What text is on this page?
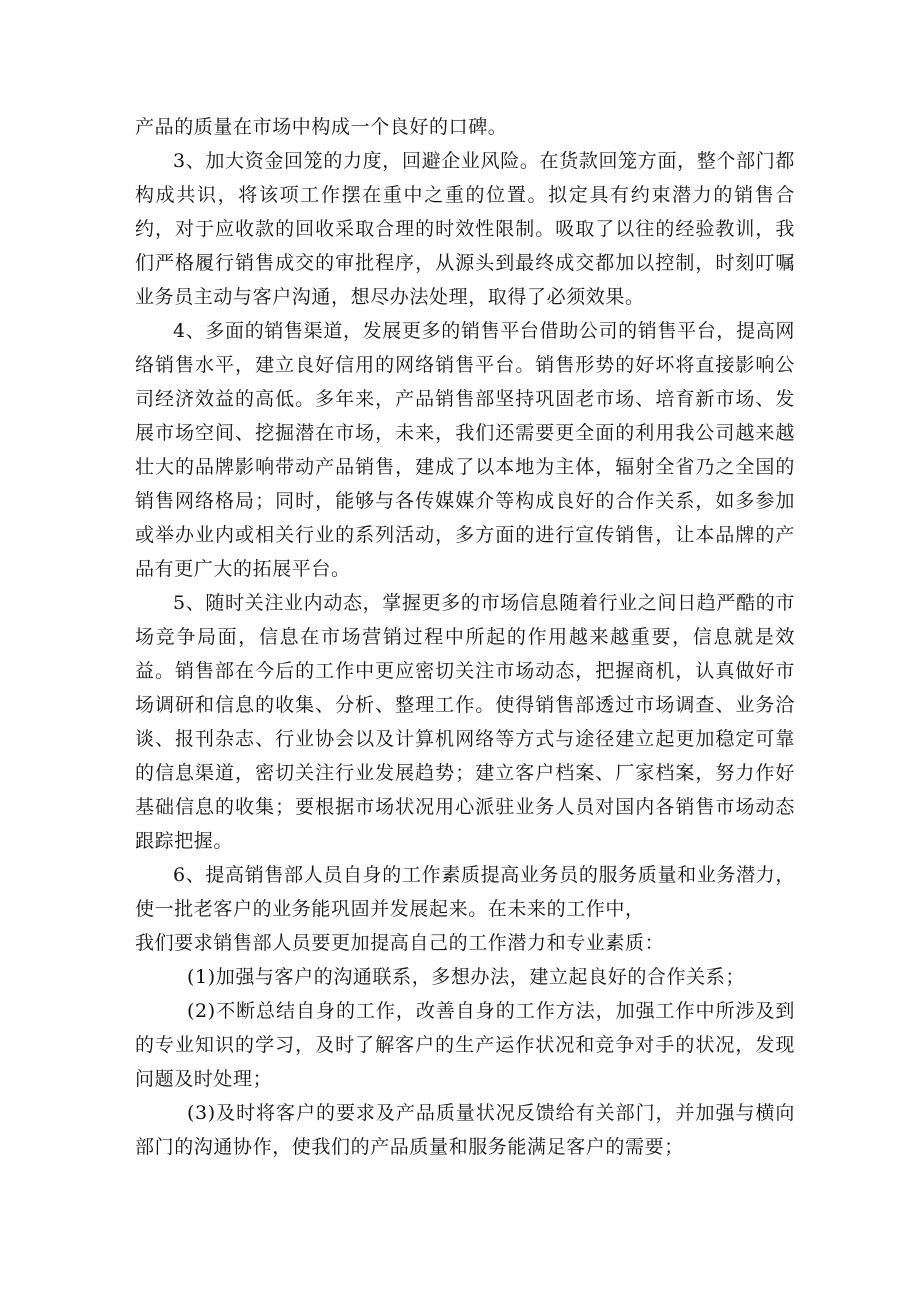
产品的质量在市场中构成一个良好的口碑。

3、加大资金回笼的力度，回避企业风险。在货款回笼方面，整个部门都构成共识，将该项工作摆在重中之重的位置。拟定具有约束潜力的销售合约，对于应收款的回收采取合理的时效性限制。吸取了以往的经验教训，我们严格履行销售成交的审批程序，从源头到最终成交都加以控制，时刻叮嘱业务员主动与客户沟通，想尽办法处理，取得了必须效果。

4、多面的销售渠道，发展更多的销售平台借助公司的销售平台，提高网络销售水平，建立良好信用的网络销售平台。销售形势的好坏将直接影响公司经济效益的高低。多年来，产品销售部坚持巩固老市场、培育新市场、发展市场空间、挖掘潜在市场，未来，我们还需要更全面的利用我公司越来越壮大的品牌影响带动产品销售，建成了以本地为主体，辐射全省乃之全国的销售网络格局；同时，能够与各传媒媒介等构成良好的合作关系，如多参加或举办业内或相关行业的系列活动，多方面的进行宣传销售，让本品牌的产品有更广大的拓展平台。

5、随时关注业内动态，掌握更多的市场信息随着行业之间日趋严酷的市场竞争局面，信息在市场营销过程中所起的作用越来越重要，信息就是效益。销售部在今后的工作中更应密切关注市场动态，把握商机，认真做好市场调研和信息的收集、分析、整理工作。使得销售部透过市场调查、业务洽谈、报刊杂志、行业协会以及计算机网络等方式与途径建立起更加稳定可靠的信息渠道，密切关注行业发展趋势；建立客户档案、厂家档案，努力作好基础信息的收集；要根据市场状况用心派驻业务人员对国内各销售市场动态跟踪把握。

6、提高销售部人员自身的工作素质提高业务员的服务质量和业务潜力，使一批老客户的业务能巩固并发展起来。在未来的工作中，

我们要求销售部人员要更加提高自己的工作潜力和专业素质：

(1)加强与客户的沟通联系，多想办法，建立起良好的合作关系；

(2)不断总结自身的工作，改善自身的工作方法，加强工作中所涉及到的专业知识的学习，及时了解客户的生产运作状况和竞争对手的状况，发现问题及时处理；

(3)及时将客户的要求及产品质量状况反馈给有关部门，并加强与横向部门的沟通协作，使我们的产品质量和服务能满足客户的需要；
